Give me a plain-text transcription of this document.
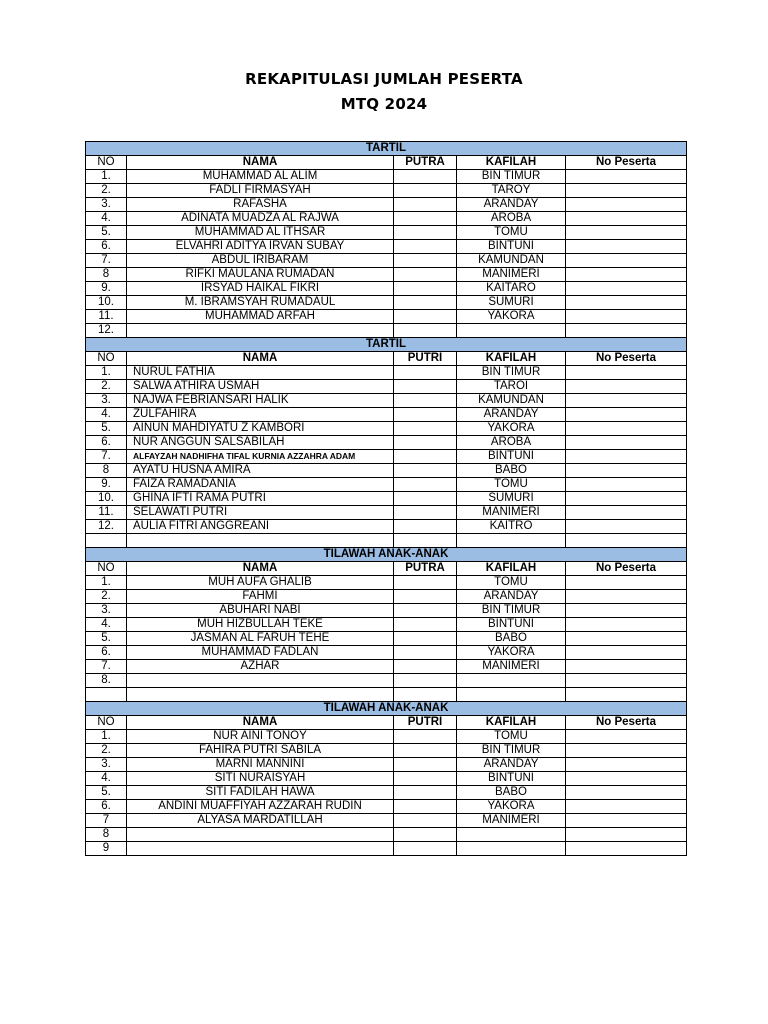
REKAPITULASI JUMLAH PESERTA
MTQ 2024
TARTIL				
NO	NAMA	PUTRA	KAFILAH	No Peserta
1.	MUHAMMAD AL ALIM		BIN TIMUR	
2.	FADLI FIRMASYAH		TAROY	
3.	RAFASHA		ARANDAY	
4.	ADINATA MUADZA AL RAJWA		AROBA	
5.	MUHAMMAD AL ITHSAR		TOMU	
6.	ELVAHRI ADITYA IRVAN SUBAY		BINTUNI	
7.	ABDUL IRIBARAM		KAMUNDAN	
8	RIFKI MAULANA RUMADAN		MANIMERI	
9.	IRSYAD HAIKAL FIKRI		KAITARO	
10.	M. IBRAMSYAH RUMADAUL		SUMURI	
11.	MUHAMMAD ARFAH		YAKORA	
12.				
TARTIL				
NO	NAMA	PUTRI	KAFILAH	No Peserta
1.	NURUL FATHIA		BIN TIMUR	
2.	SALWA ATHIRA USMAH		TAROI	
3.	NAJWA FEBRIANSARI HALIK		KAMUNDAN	
4.	ZULFAHIRA		ARANDAY	
5.	AINUN MAHDIYATU Z KAMBORI		YAKORA	
6.	NUR ANGGUN SALSABILAH		AROBA	
7.	ALFAYZAH NADHIFHA TIFAL KURNIA AZZAHRA ADAM		BINTUNI	
8	AYATU HUSNA AMIRA		BABO	
9.	FAIZA RAMADANIA		TOMU	
10.	GHINA IFTI RAMA PUTRI		SUMURI	
11.	SELAWATI PUTRI		MANIMERI	
12.	AULIA FITRI ANGGREANI		KAITRO	

TILAWAH ANAK-ANAK				
NO	NAMA	PUTRA	KAFILAH	No Peserta
1.	MUH AUFA GHALIB		TOMU	
2.	FAHMI		ARANDAY	
3.	ABUHARI NABI		BIN TIMUR	
4.	MUH HIZBULLAH TEKE		BINTUNI	
5.	JASMAN AL FARUH TEHE		BABO	
6.	MUHAMMAD FADLAN		YAKORA	
7.	AZHAR		MANIMERI	
8.				

TILAWAH ANAK-ANAK				
NO	NAMA	PUTRI	KAFILAH	No Peserta
1.	NUR AINI TONOY		TOMU	
2.	FAHIRA PUTRI SABILA		BIN TIMUR	
3.	MARNI MANNINI		ARANDAY	
4.	SITI NURAISYAH		BINTUNI	
5.	SITI FADILAH HAWA		BABO	
6.	ANDINI MUAFFIYAH AZZARAH RUDIN		YAKORA	
7	ALYASA MARDATILLAH		MANIMERI	
8				
9				
